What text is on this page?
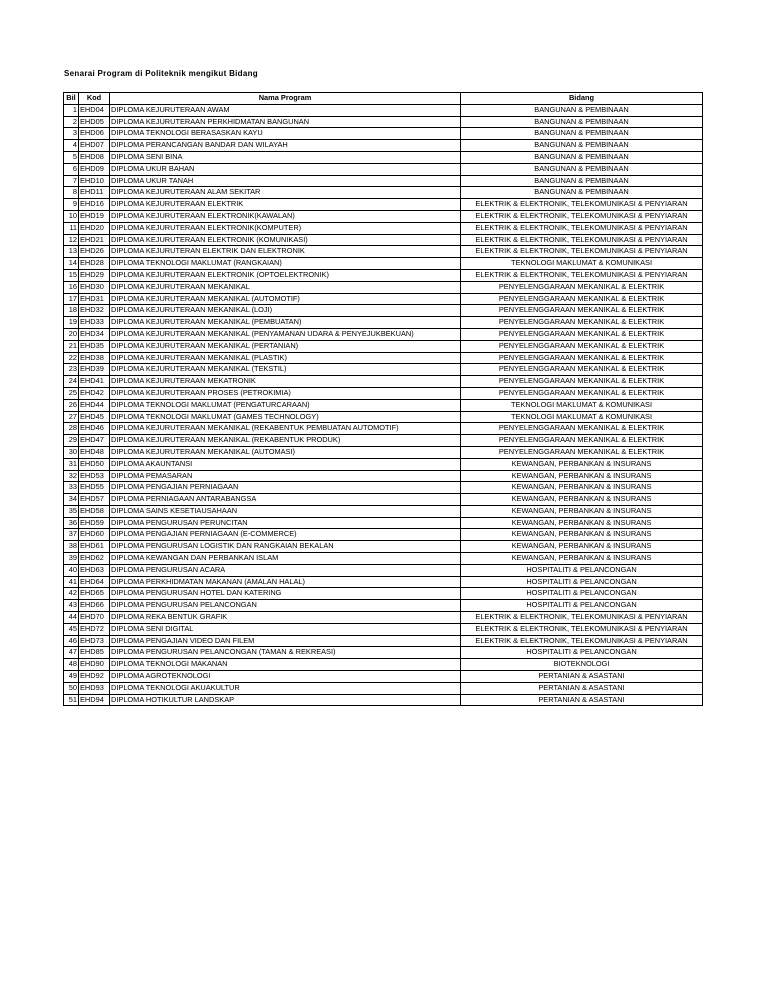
Senarai Program di Politeknik mengikut Bidang
Bil	Kod	Nama Program	Bidang
1	EHD04	DIPLOMA KEJURUTERAAN AWAM	BANGUNAN & PEMBINAAN
2	EHD05	DIPLOMA KEJURUTERAAN PERKHIDMATAN BANGUNAN	BANGUNAN & PEMBINAAN
3	EHD06	DIPLOMA TEKNOLOGI BERASASKAN KAYU	BANGUNAN & PEMBINAAN
4	EHD07	DIPLOMA PERANCANGAN BANDAR DAN WILAYAH	BANGUNAN & PEMBINAAN
5	EHD08	DIPLOMA SENI BINA	BANGUNAN & PEMBINAAN
6	EHD09	DIPLOMA UKUR BAHAN	BANGUNAN & PEMBINAAN
7	EHD10	DIPLOMA UKUR TANAH	BANGUNAN & PEMBINAAN
8	EHD11	DIPLOMA KEJURUTERAAN ALAM SEKITAR	BANGUNAN & PEMBINAAN
9	EHD16	DIPLOMA KEJURUTERAAN ELEKTRIK	ELEKTRIK & ELEKTRONIK, TELEKOMUNIKASI & PENYIARAN
10	EHD19	DIPLOMA KEJURUTERAAN ELEKTRONIK(KAWALAN)	ELEKTRIK & ELEKTRONIK, TELEKOMUNIKASI & PENYIARAN
11	EHD20	DIPLOMA KEJURUTERAAN ELEKTRONIK(KOMPUTER)	ELEKTRIK & ELEKTRONIK, TELEKOMUNIKASI & PENYIARAN
12	EHD21	DIPLOMA KEJURUTERAAN ELEKTRONIK (KOMUNIKASI)	ELEKTRIK & ELEKTRONIK, TELEKOMUNIKASI & PENYIARAN
13	EHD26	DIPLOMA KEJURUTERAN ELEKTRIK DAN ELEKTRONIK	ELEKTRIK & ELEKTRONIK, TELEKOMUNIKASI & PENYIARAN
14	EHD28	DIPLOMA TEKNOLOGI MAKLUMAT (RANGKAIAN)	TEKNOLOGI MAKLUMAT & KOMUNIKASI
15	EHD29	DIPLOMA KEJURUTERAAN ELEKTRONIK (OPTOELEKTRONIK)	ELEKTRIK & ELEKTRONIK, TELEKOMUNIKASI & PENYIARAN
16	EHD30	DIPLOMA KEJURUTERAAN MEKANIKAL	PENYELENGGARAAN MEKANIKAL & ELEKTRIK
17	EHD31	DIPLOMA KEJURUTERAAN MEKANIKAL (AUTOMOTIF)	PENYELENGGARAAN MEKANIKAL & ELEKTRIK
18	EHD32	DIPLOMA KEJURUTERAAN MEKANIKAL (LOJI)	PENYELENGGARAAN MEKANIKAL & ELEKTRIK
19	EHD33	DIPLOMA KEJURUTERAAN MEKANIKAL (PEMBUATAN)	PENYELENGGARAAN MEKANIKAL & ELEKTRIK
20	EHD34	DIPLOMA KEJURUTERAAN MEKANIKAL (PENYAMANAN UDARA & PENYEJUKBEKUAN)	PENYELENGGARAAN MEKANIKAL & ELEKTRIK
21	EHD35	DIPLOMA KEJURUTERAAN MEKANIKAL (PERTANIAN)	PENYELENGGARAAN MEKANIKAL & ELEKTRIK
22	EHD38	DIPLOMA KEJURUTERAAN MEKANIKAL (PLASTIK)	PENYELENGGARAAN MEKANIKAL & ELEKTRIK
23	EHD39	DIPLOMA KEJURUTERAAN MEKANIKAL (TEKSTIL)	PENYELENGGARAAN MEKANIKAL & ELEKTRIK
24	EHD41	DIPLOMA KEJURUTERAAN MEKATRONIK	PENYELENGGARAAN MEKANIKAL & ELEKTRIK
25	EHD42	DIPLOMA KEJURUTERAAN PROSES (PETROKIMIA)	PENYELENGGARAAN MEKANIKAL & ELEKTRIK
26	EHD44	DIPLOMA TEKNOLOGI MAKLUMAT (PENGATURCARAAN)	TEKNOLOGI MAKLUMAT & KOMUNIKASI
27	EHD45	DIPLOMA TEKNOLOGI MAKLUMAT (GAMES TECHNOLOGY)	TEKNOLOGI MAKLUMAT & KOMUNIKASI
28	EHD46	DIPLOMA KEJURUTERAAN MEKANIKAL (REKABENTUK PEMBUATAN AUTOMOTIF)	PENYELENGGARAAN MEKANIKAL & ELEKTRIK
29	EHD47	DIPLOMA KEJURUTERAAN MEKANIKAL (REKABENTUK PRODUK)	PENYELENGGARAAN MEKANIKAL & ELEKTRIK
30	EHD48	DIPLOMA KEJURUTERAAN MEKANIKAL (AUTOMASI)	PENYELENGGARAAN MEKANIKAL & ELEKTRIK
31	EHD50	DIPLOMA AKAUNTANSI	KEWANGAN, PERBANKAN & INSURANS
32	EHD53	DIPLOMA PEMASARAN	KEWANGAN, PERBANKAN & INSURANS
33	EHD55	DIPLOMA PENGAJIAN PERNIAGAAN	KEWANGAN, PERBANKAN & INSURANS
34	EHD57	DIPLOMA PERNIAGAAN ANTARABANGSA	KEWANGAN, PERBANKAN & INSURANS
35	EHD58	DIPLOMA SAINS KESETIAUSAHAAN	KEWANGAN, PERBANKAN & INSURANS
36	EHD59	DIPLOMA PENGURUSAN PERUNCITAN	KEWANGAN, PERBANKAN & INSURANS
37	EHD60	DIPLOMA PENGAJIAN PERNIAGAAN (E-COMMERCE)	KEWANGAN, PERBANKAN & INSURANS
38	EHD61	DIPLOMA PENGURUSAN LOGISTIK DAN RANGKAIAN BEKALAN	KEWANGAN, PERBANKAN & INSURANS
39	EHD62	DIPLOMA KEWANGAN DAN PERBANKAN ISLAM	KEWANGAN, PERBANKAN & INSURANS
40	EHD63	DIPLOMA PENGURUSAN ACARA	HOSPITALITI & PELANCONGAN
41	EHD64	DIPLOMA PERKHIDMATAN MAKANAN (AMALAN HALAL)	HOSPITALITI & PELANCONGAN
42	EHD65	DIPLOMA PENGURUSAN HOTEL DAN KATERING	HOSPITALITI & PELANCONGAN
43	EHD66	DIPLOMA PENGURUSAN PELANCONGAN	HOSPITALITI & PELANCONGAN
44	EHD70	DIPLOMA REKA BENTUK GRAFIK	ELEKTRIK & ELEKTRONIK, TELEKOMUNIKASI & PENYIARAN
45	EHD72	DIPLOMA SENI DIGITAL	ELEKTRIK & ELEKTRONIK, TELEKOMUNIKASI & PENYIARAN
46	EHD73	DIPLOMA PENGAJIAN VIDEO DAN FILEM	ELEKTRIK & ELEKTRONIK, TELEKOMUNIKASI & PENYIARAN
47	EHD85	DIPLOMA PENGURUSAN PELANCONGAN (TAMAN & REKREASI)	HOSPITALITI & PELANCONGAN
48	EHD90	DIPLOMA TEKNOLOGI MAKANAN	BIOTEKNOLOGI
49	EHD92	DIPLOMA AGROTEKNOLOGI	PERTANIAN & ASASTANI
50	EHD93	DIPLOMA TEKNOLOGI AKUAKULTUR	PERTANIAN & ASASTANI
51	EHD94	DIPLOMA HOTIKULTUR LANDSKAP	PERTANIAN & ASASTANI
